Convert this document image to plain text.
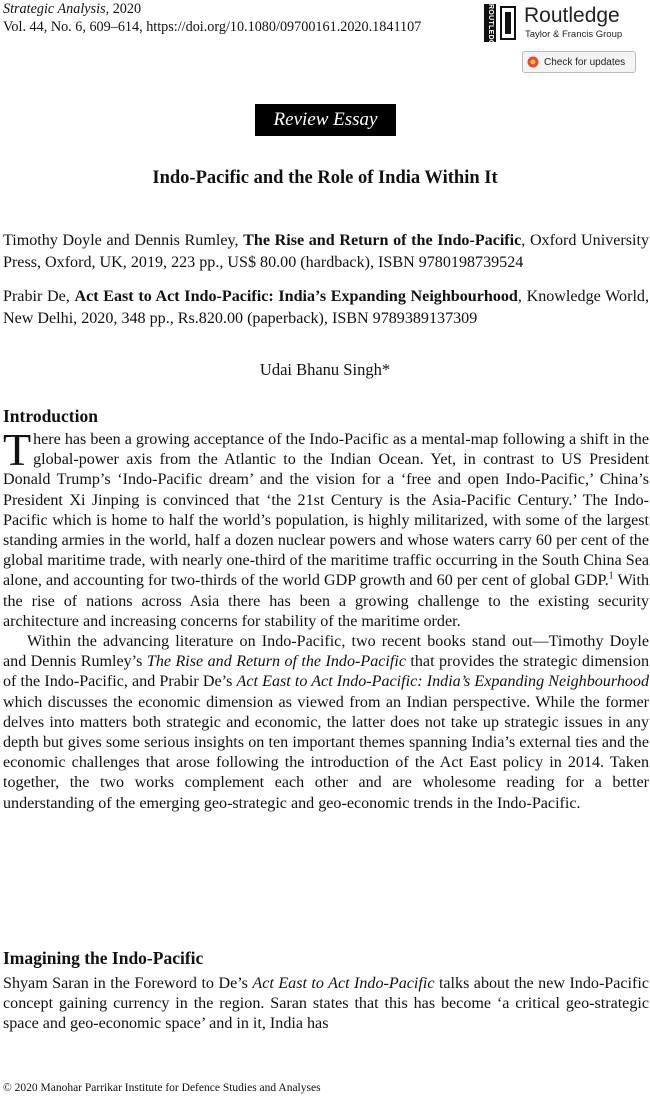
Strategic Analysis, 2020
Vol. 44, No. 6, 609–614, https://doi.org/10.1080/09700161.2020.1841107	ROUTLEDGE Routledge
Taylor & Francis Group
Check for updates
Review Essay
Indo-Pacific and the Role of India Within It
Timothy Doyle and Dennis Rumley, The Rise and Return of the Indo-Pacific, Oxford University Press, Oxford, UK, 2019, 223 pp., US$ 80.00 (hardback), ISBN 9780198739524
Prabir De, Act East to Act Indo-Pacific: India’s Expanding Neighbourhood, Knowledge World, New Delhi, 2020, 348 pp., Rs.820.00 (paperback), ISBN 9789389137309
Udai Bhanu Singh*
Introduction

There has been a growing acceptance of the Indo-Pacific as a mental-map following a shift in the global-power axis from the Atlantic to the Indian Ocean. Yet, in contrast to US President Donald Trump’s ‘Indo-Pacific dream’ and the vision for a ‘free and open Indo-Pacific,’ China’s President Xi Jinping is convinced that ‘the 21st Century is the Asia-Pacific Century.’ The Indo-Pacific which is home to half the world’s population, is highly militarized, with some of the largest standing armies in the world, half a dozen nuclear powers and whose waters carry 60 per cent of the global maritime trade, with nearly one-third of the maritime traffic occurring in the South China Sea alone, and accounting for two-thirds of the world GDP growth and 60 per cent of global GDP.$^1$ With the rise of nations across Asia there has been a growing challenge to the existing security architecture and increasing concerns for stability of the maritime order.

Within the advancing literature on Indo-Pacific, two recent books stand out—Timothy Doyle and Dennis Rumley’s The Rise and Return of the Indo-Pacific that provides the strategic dimension of the Indo-Pacific, and Prabir De’s Act East to Act Indo-Pacific: India’s Expanding Neighbourhood which discusses the economic dimension as viewed from an Indian perspective. While the former delves into matters both strategic and economic, the latter does not take up strategic issues in any depth but gives some serious insights on ten important themes spanning India’s external ties and the economic challenges that arose following the introduction of the Act East policy in 2014. Taken together, the two works complement each other and are wholesome reading for a better understanding of the emerging geo-strategic and geo-economic trends in the Indo-Pacific.

Imagining the Indo-Pacific

Shyam Saran in the Foreword to De’s Act East to Act Indo-Pacific talks about the new Indo-Pacific concept gaining currency in the region. Saran states that this has become ‘a critical geo-strategic space and geo-economic space’ and in it, India has

© 2020 Manohar Parrikar Institute for Defence Studies and Analyses
